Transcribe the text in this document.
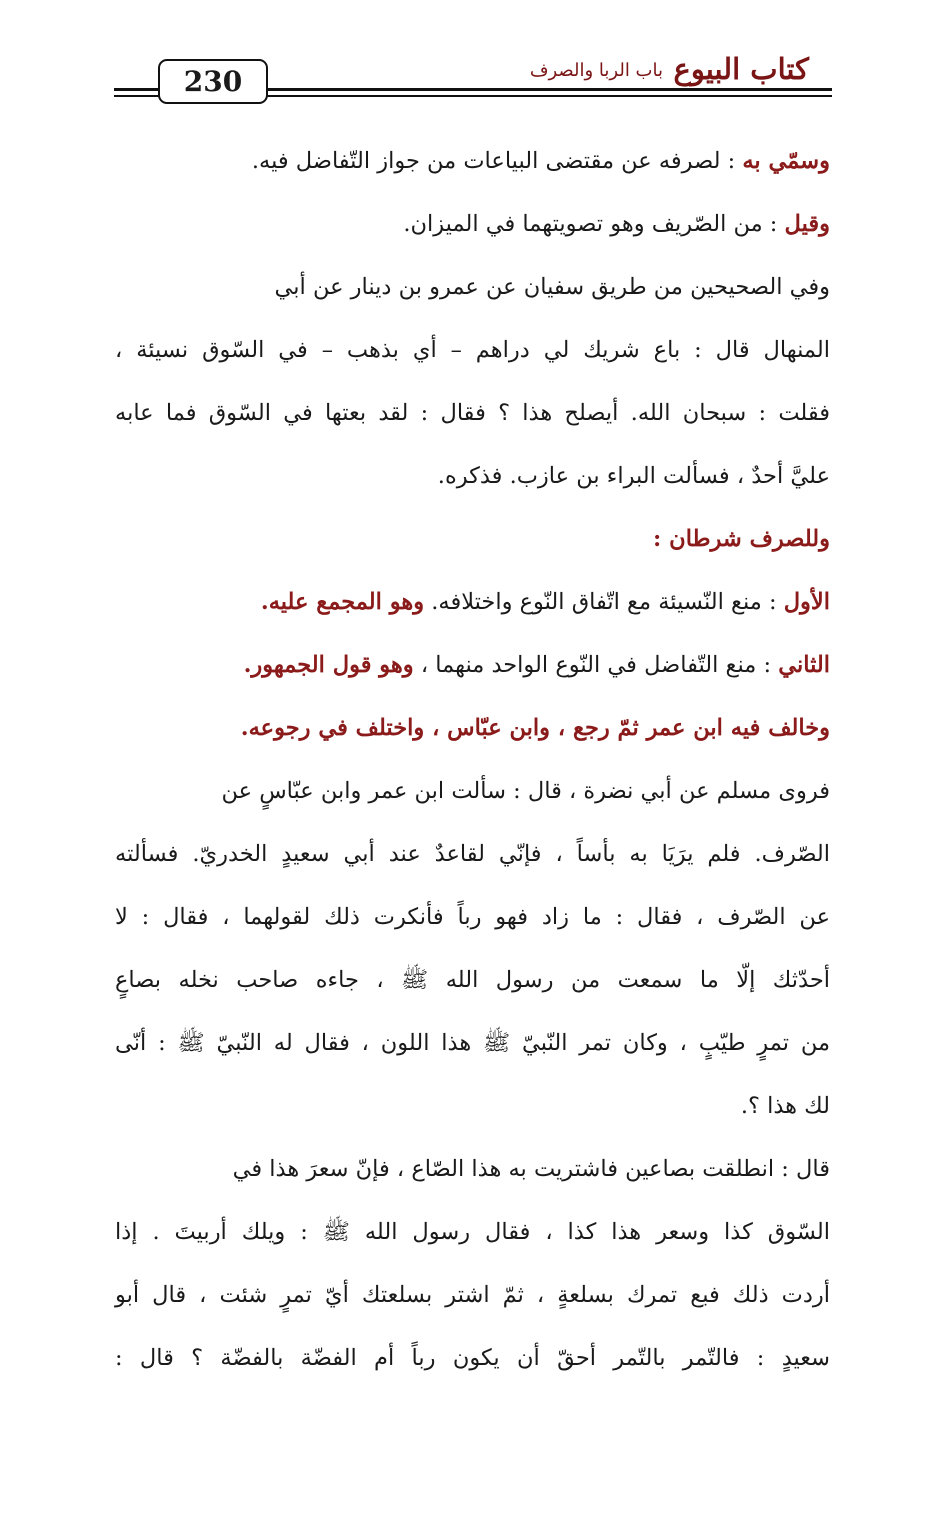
كتاب البيوع
باب الربا والصرف
230
وسمّي به : لصرفه عن مقتضى البياعات من جواز التّفاضل فيه.
وقيل : من الصّريف وهو تصويتهما في الميزان.
وفي الصحيحين من طريق سفيان عن عمرو بن دينار عن أبي
المنهال قال : باع شريك لي دراهم – أي بذهب – في السّوق نسيئة ،
فقلت : سبحان الله. أيصلح هذا ؟ فقال : لقد بعتها في السّوق فما عابه
عليَّ أحدٌ ، فسألت البراء بن عازب. فذكره.
وللصرف شرطان :
الأول : منع النّسيئة مع اتّفاق النّوع واختلافه. وهو المجمع عليه.
الثاني : منع التّفاضل في النّوع الواحد منهما ، وهو قول الجمهور.
وخالف فيه ابن عمر ثمّ رجع ، وابن عبّاس ، واختلف في رجوعه.
فروى مسلم عن أبي نضرة ، قال : سألت ابن عمر وابن عبّاسٍ عن
الصّرف. فلم يرَيَا به بأساً ، فإنّي لقاعدٌ عند أبي سعيدٍ الخدريّ. فسألته
عن الصّرف ، فقال : ما زاد فهو رباً فأنكرت ذلك لقولهما ، فقال : لا
أحدّثك إلّا ما سمعت من رسول الله ﷺ ، جاءه صاحب نخله بصاعٍ
من تمرٍ طيّبٍ ، وكان تمر النّبيّ ﷺ هذا اللون ، فقال له النّبيّ ﷺ : أنّى
لك هذا ؟.
قال : انطلقت بصاعين فاشتريت به هذا الصّاع ، فإنّ سعرَ هذا في
السّوق كذا وسعر هذا كذا ، فقال رسول الله ﷺ : ويلك أربيتَ . إذا
أردت ذلك فبع تمرك بسلعةٍ ، ثمّ اشتر بسلعتك أيّ تمرٍ شئت ، قال أبو
سعيدٍ : فالتّمر بالتّمر أحقّ أن يكون رباً أم الفضّة بالفضّة ؟ قال :
